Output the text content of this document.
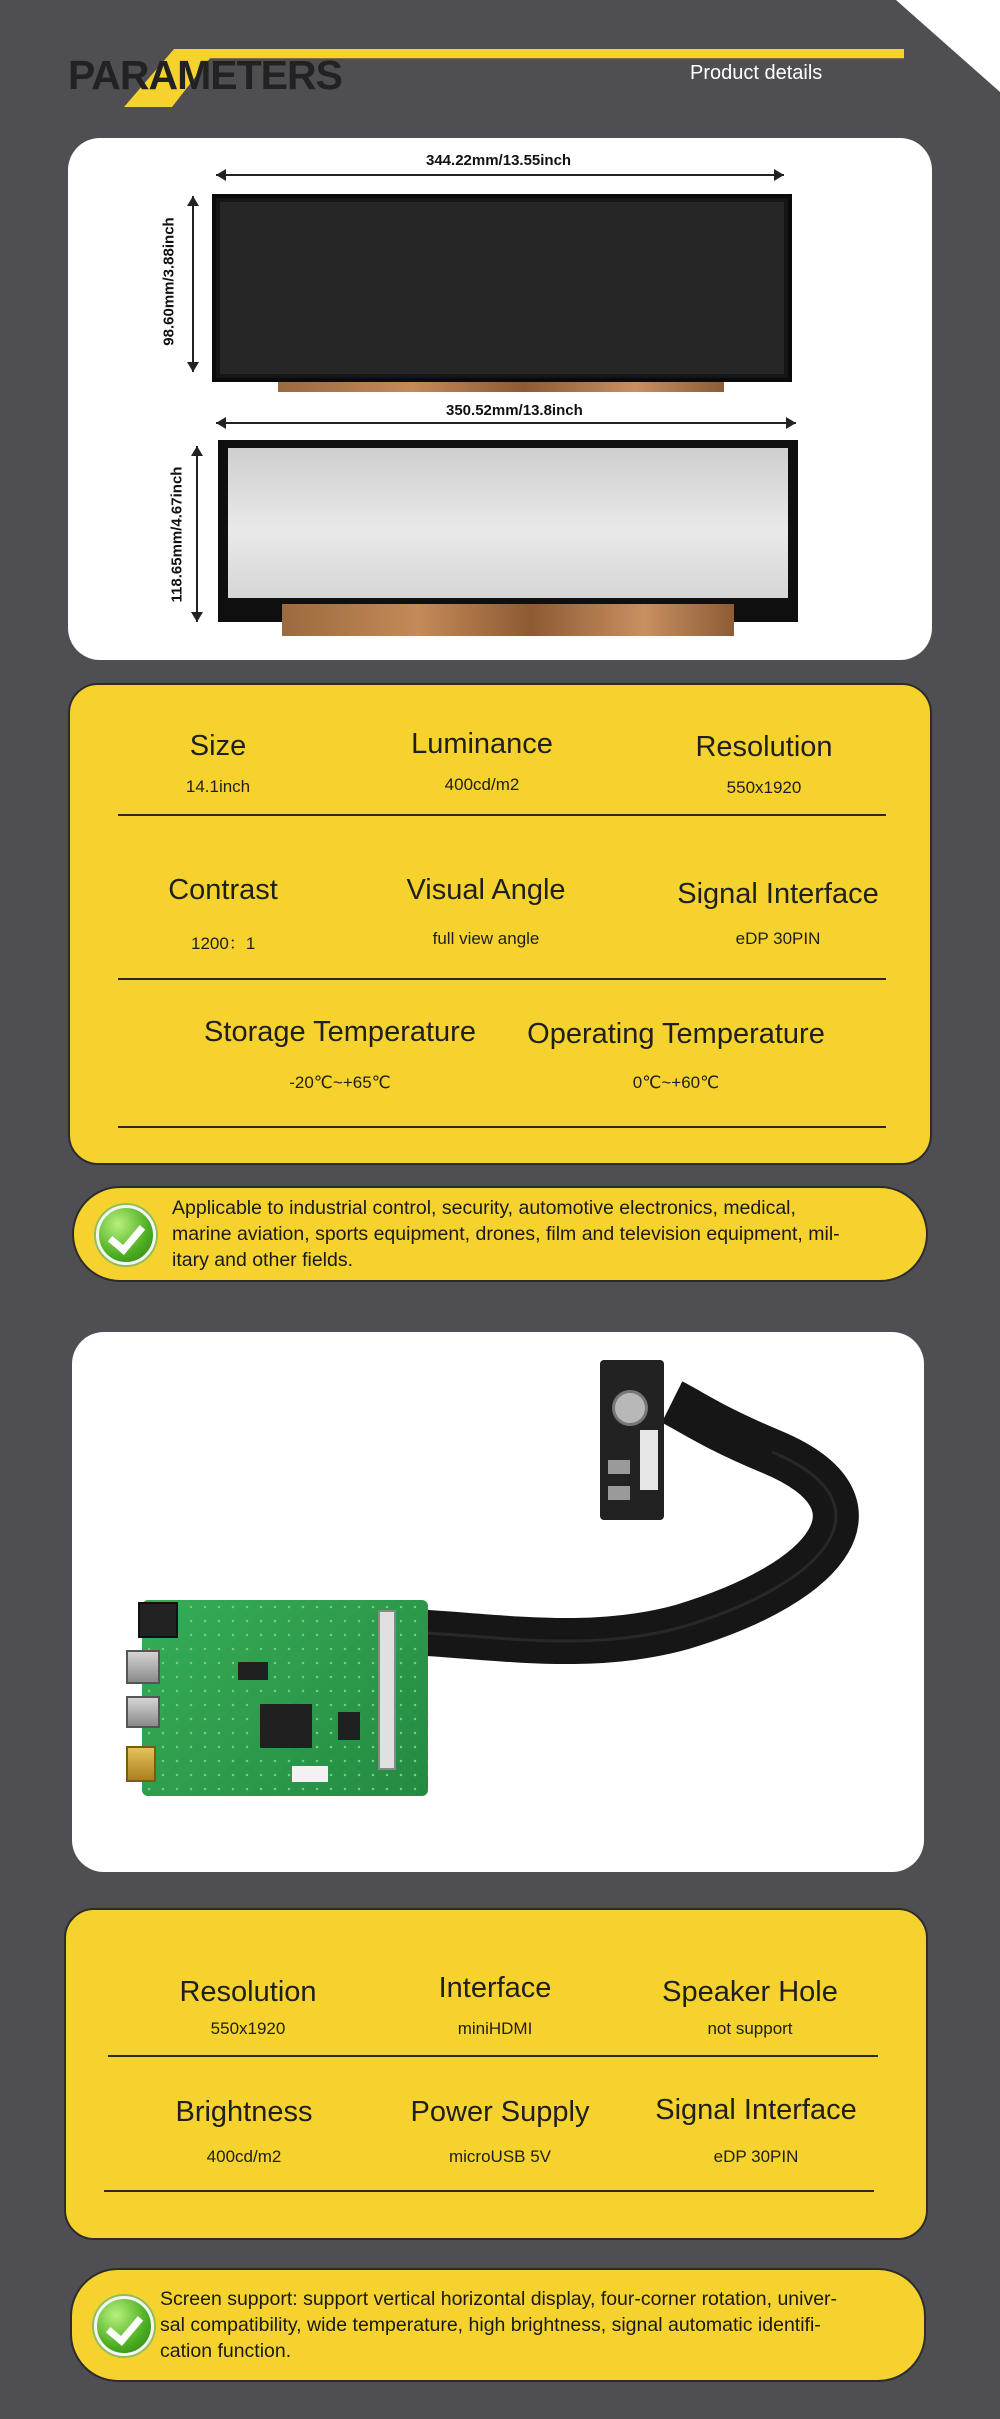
PARAMETERS	Product details
344.22mm/13.55inch
98.60mm/3.88inch
350.52mm/13.8inch
118.65mm/4.67inch
Size
14.1inch
Luminance
400cd/m2
Resolution
550x1920
Contrast
1200：1
Visual Angle
full view angle
Signal Interface
eDP 30PIN
Storage Temperature
-20℃~+65℃
Operating Temperature
0℃~+60℃
Applicable to industrial control, security, automotive electronics, medical,
marine aviation, sports equipment, drones, film and television equipment, mil-
itary and other fields.
Resolution
550x1920
Interface
miniHDMI
Speaker Hole
not support
Brightness
400cd/m2
Power Supply
microUSB 5V
Signal Interface
eDP 30PIN
Screen support: support vertical horizontal display, four-corner rotation, univer-
sal compatibility, wide temperature, high brightness, signal automatic identifi-
cation function.
